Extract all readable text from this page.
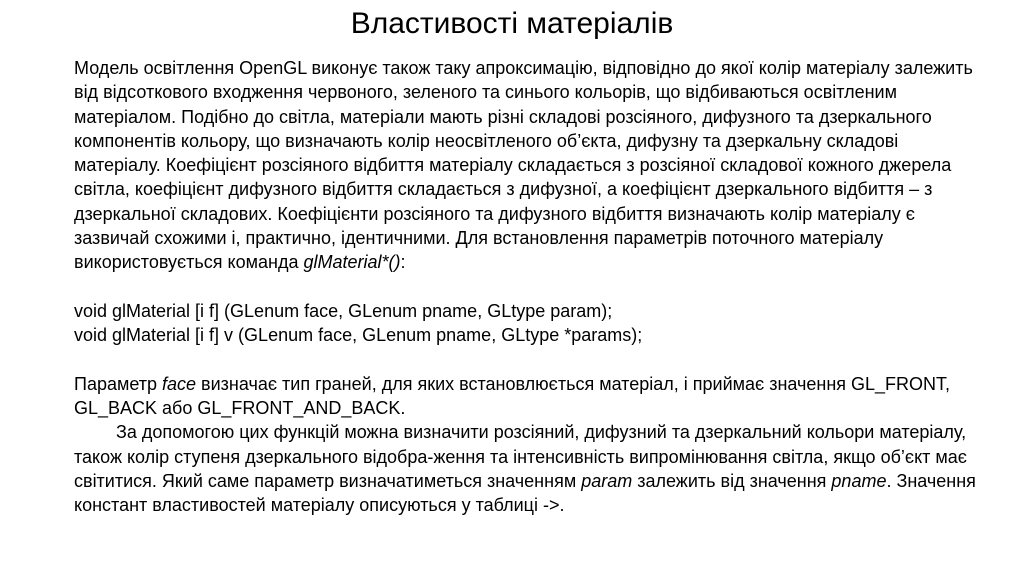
Властивості матеріалів

Модель освітлення OpenGL виконує також таку апроксимацію, відповідно до якої колір матеріалу залежить від відсоткового входження червоного, зеленого та синього кольорів, що відбиваються освітленим матеріалом. Подібно до світла, матеріали мають різні складові розсіяного, дифузного та дзеркального компонентів кольору, що визначають колір неосвітленого об’єкта, дифузну та дзеркальну складові матеріалу. Коефіцієнт розсіяного відбиття матеріалу складається з розсіяної складової кожного джерела світла, коефіцієнт дифузного відбиття складається з дифузної, а коефіцієнт дзеркального відбиття – з дзеркальної складових. Коефіцієнти розсіяного та дифузного відбиття визначають колір матеріалу є зазвичай схожими і, практично, ідентичними. Для встановлення параметрів поточного матеріалу використовується команда glMaterial*():

void glMaterial [i f] (GLenum face, GLenum pname, GLtype param);

void glMaterial [i f] v (GLenum face, GLenum pname, GLtype *params);

Параметр face визначає тип граней, для яких встановлюється матеріал, і приймає значення GL_FRONT, GL_BACK або GL_FRONT_AND_BACK.

За допомогою цих функцій можна визначити розсіяний, дифузний та дзеркальний кольори матеріалу, також колір ступеня дзеркального відобра-ження та інтенсивність випромінювання світла, якщо об’єкт має світитися. Який саме параметр визначатиметься значенням param залежить від значення pname. Значення констант властивостей матеріалу описуються у таблиці ->.
